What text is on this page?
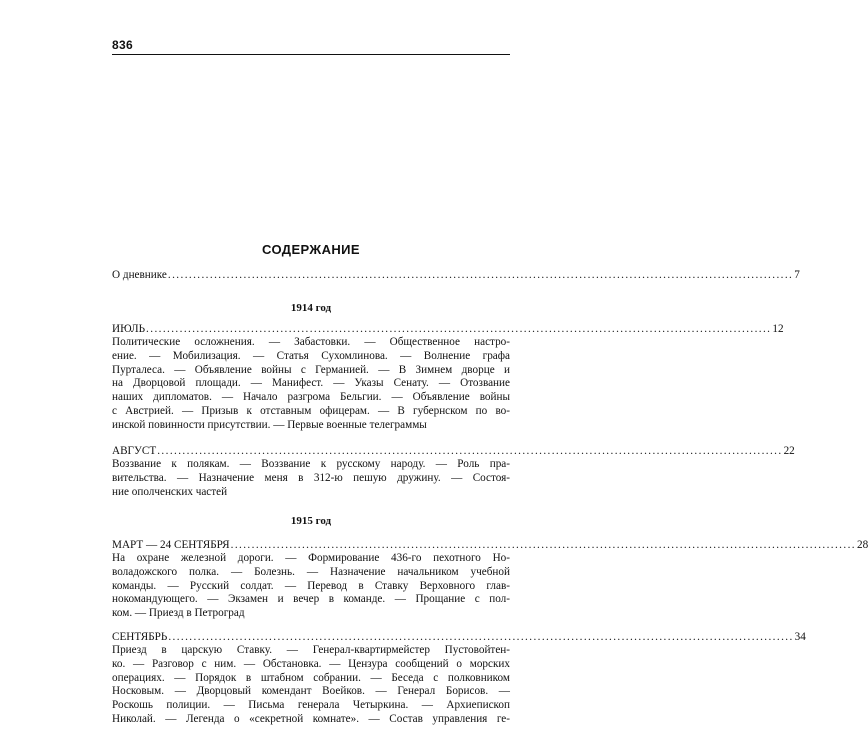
836
СОДЕРЖАНИЕ
О дневнике ..................................................................................................................................................... 7
1914 год
ИЮЛЬ ..................................................................................................................................................... 12
Политические осложнения. — Забастовки. — Общественное настро-
ение. — Мобилизация. — Статья Сухомлинова. — Волнение графа
Пурталеса. — Объявление войны с Германией. — В Зимнем дворце и
на Дворцовой площади. — Манифест. — Указы Сенату. — Отозвание
наших дипломатов. — Начало разгрома Бельгии. — Объявление войны
с Австрией. — Призыв к отставным офицерам. — В губернском по во-
инской повинности присутствии. — Первые военные телеграммы
АВГУСТ ..................................................................................................................................................... 22
Воззвание к полякам. — Воззвание к русскому народу. — Роль пра-
вительства. — Назначение меня в 312-ю пешую дружину. — Состоя-
ние ополченских частей
1915 год
МАРТ — 24 СЕНТЯБРЯ ..................................................................................................................................................... 28
На охране железной дороги. — Формирование 436-го пехотного Но-
воладожского полка. — Болезнь. — Назначение начальником учебной
команды. — Русский солдат. — Перевод в Ставку Верховного глав-
нокомандующего. — Экзамен и вечер в команде. — Прощание с пол-
ком. — Приезд в Петроград
СЕНТЯБРЬ ..................................................................................................................................................... 34
Приезд в царскую Ставку. — Генерал-квартирмейстер Пустовойтен-
ко. — Разговор с ним. — Обстановка. — Цензура сообщений о морских
операциях. — Порядок в штабном собрании. — Беседа с полковником
Носковым. — Дворцовый комендант Воейков. — Генерал Борисов. —
Роскошь полиции. — Письма генерала Четыркина. — Архиепископ
Николай. — Легенда о «секретной комнате». — Состав управления ге-
